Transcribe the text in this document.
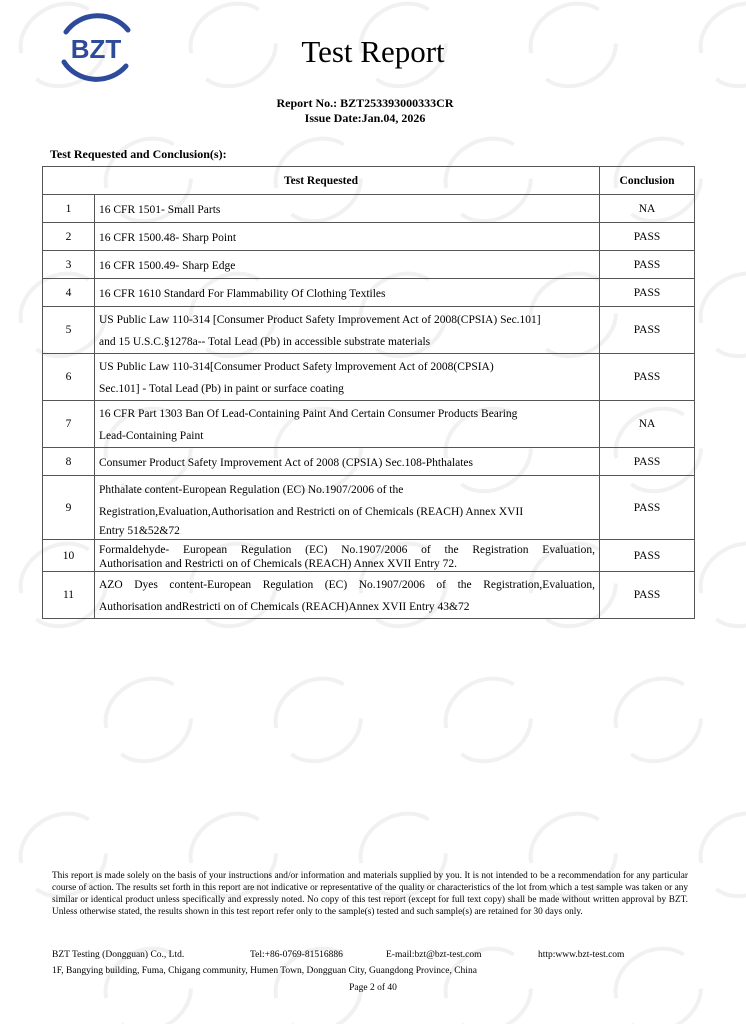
BZT	Test Report
Report No.: BZT253393000333CR
Issue Date:Jan.04, 2026
Test Requested and Conclusion(s):
Test Requested		Conclusion
1	16 CFR 1501- Small Parts	NA
2	16 CFR 1500.48- Sharp Point	PASS
3	16 CFR 1500.49- Sharp Edge	PASS
4	16 CFR 1610 Standard For Flammability Of Clothing Textiles	PASS
5	US Public Law 110-314 [Consumer Product Safety Improvement Act of 2008(CPSIA) Sec.101]
and 15 U.S.C.§1278a-- Total Lead (Pb) in accessible substrate materials	PASS
6	US Public Law 110-314[Consumer Product Safety lmprovement Act of 2008(CPSIA)
Sec.101] - Total Lead (Pb) in paint or surface coating	PASS
7	16 CFR Part 1303 Ban Of Lead-Containing Paint And Certain Consumer Products Bearing
Lead-Containing Paint	NA
8	Consumer Product Safety Improvement Act of 2008 (CPSIA) Sec.108-Phthalates	PASS
9	Phthalate content-European Regulation (EC) No.1907/2006 of the
Registration,Evaluation,Authorisation and Restricti on of Chemicals (REACH) Annex XVII
Entry 51&52&72	PASS
10	Formaldehyde- European Regulation (EC) No.1907/2006 of the Registration Evaluation,
Authorisation and Restricti on of Chemicals (REACH) Annex XVII Entry 72.	PASS
11	AZO Dyes content-European Regulation (EC) No.1907/2006 of the Registration,Evaluation,
Authorisation andRestricti on of Chemicals (REACH)Annex XVII Entry 43&72	PASS
This report is made solely on the basis of your instructions and/or information and materials supplied by you. It is not intended to be a recommendation for any particular course of action. The results set forth in this report are not indicative or representative of the quality or characteristics of the lot from which a test sample was taken or any similar or identical product unless specifically and expressly noted. No copy of this test report (except for full text copy) shall be made without written approval by BZT. Unless otherwise stated, the results shown in this test report refer only to the sample(s) tested and such sample(s) are retained for 30 days only.
BZT Testing (Dongguan) Co., Ltd.	Tel:+86-0769-81516886	E-mail:bzt@bzt-test.com	http:www.bzt-test.com
1F, Bangying building, Fuma, Chigang community, Humen Town, Dongguan City, Guangdong Province, China
Page 2 of 40
